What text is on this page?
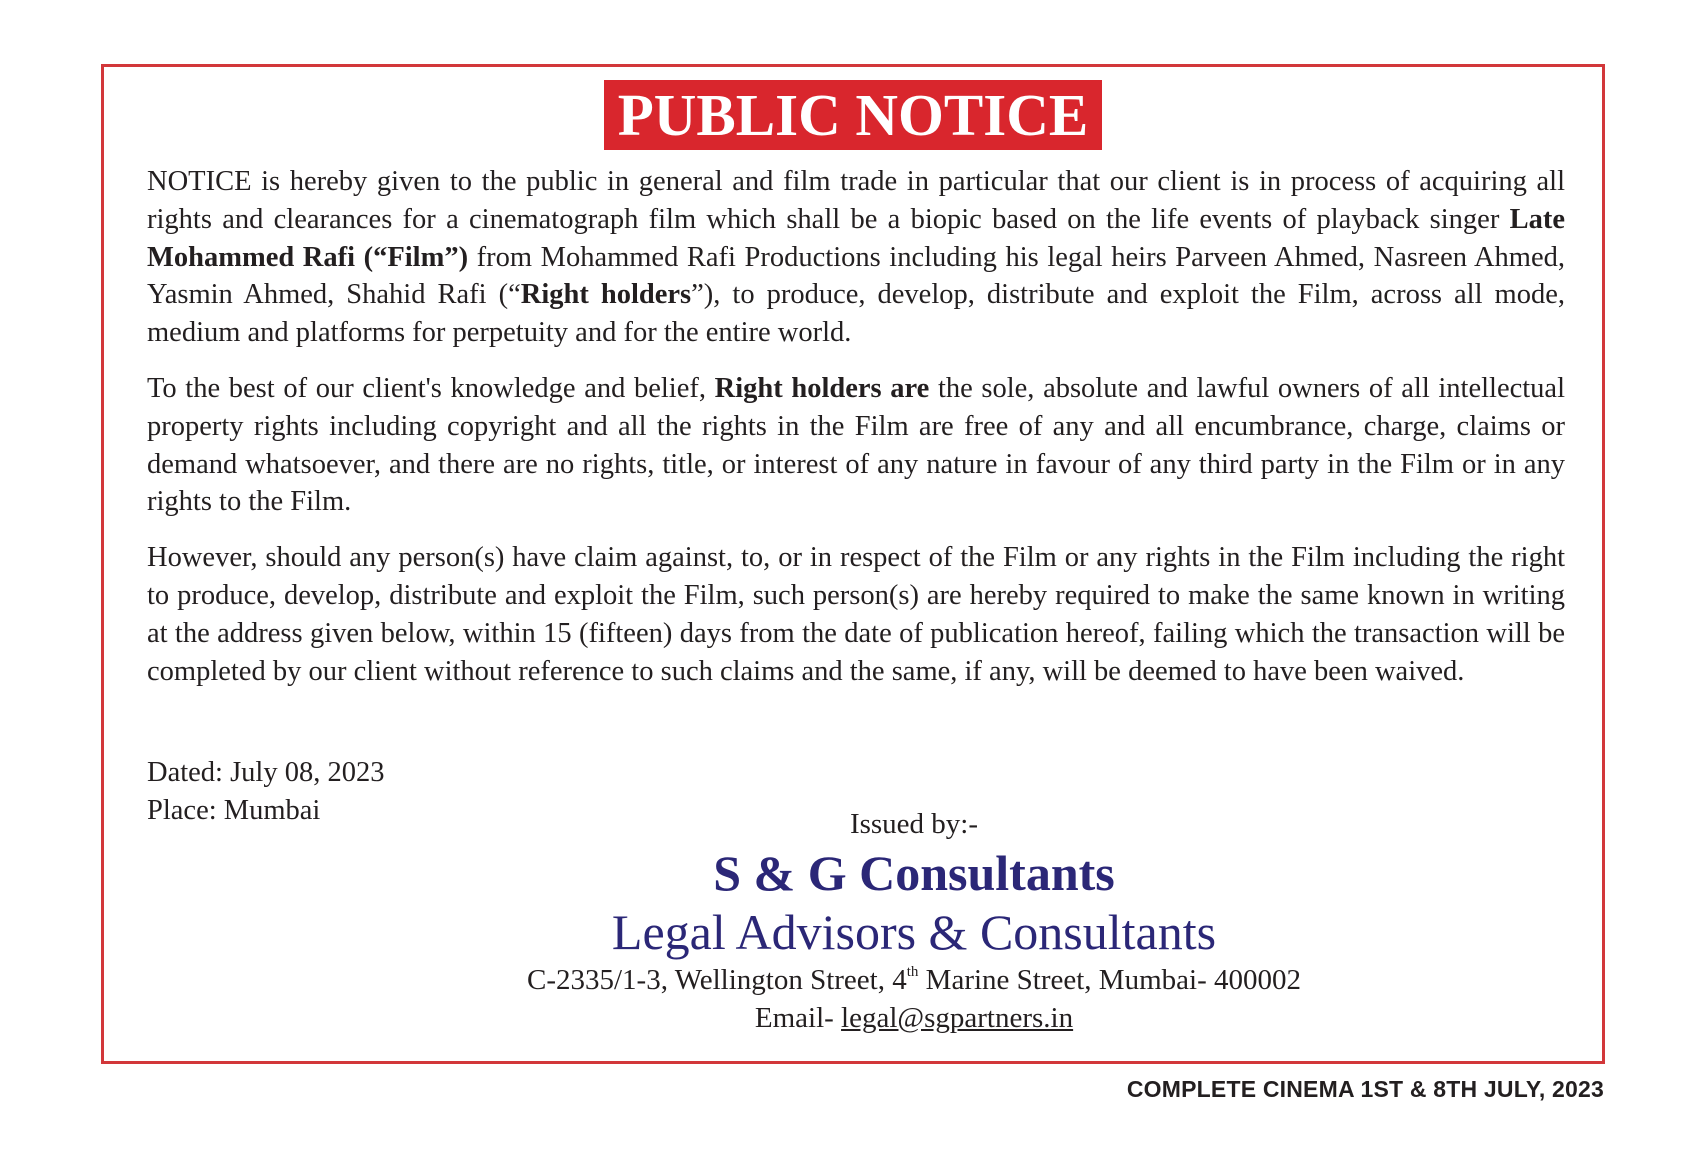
PUBLIC NOTICE

NOTICE is hereby given to the public in general and film trade in particular that our client is in process of acquiring all rights and clearances for a cinematograph film which shall be a biopic based on the life events of playback singer Late Mohammed Rafi (“Film”) from Mohammed Rafi Productions including his legal heirs Parveen Ahmed, Nasreen Ahmed, Yasmin Ahmed, Shahid Rafi (“Right holders”), to produce, develop, distribute and exploit the Film, across all mode, medium and platforms for perpetuity and for the entire world.

To the best of our client's knowledge and belief, Right holders are the sole, absolute and lawful owners of all intellectual property rights including copyright and all the rights in the Film are free of any and all encumbrance, charge, claims or demand whatsoever, and there are no rights, title, or interest of any nature in favour of any third party in the Film or in any rights to the Film.

However, should any person(s) have claim against, to, or in respect of the Film or any rights in the Film including the right to produce, develop, distribute and exploit the Film, such person(s) are hereby required to make the same known in writing at the address given below, within 15 (fifteen) days from the date of publication hereof, failing which the transaction will be completed by our client without reference to such claims and the same, if any, will be deemed to have been waived.

Dated: July 08, 2023
Place: Mumbai	Issued by:-
S & G Consultants
Legal Advisors & Consultants
C-2335/1-3, Wellington Street, 4th Marine Street, Mumbai- 400002
Email- legal@sgpartners.in
COMPLETE CINEMA 1ST & 8TH JULY, 2023
